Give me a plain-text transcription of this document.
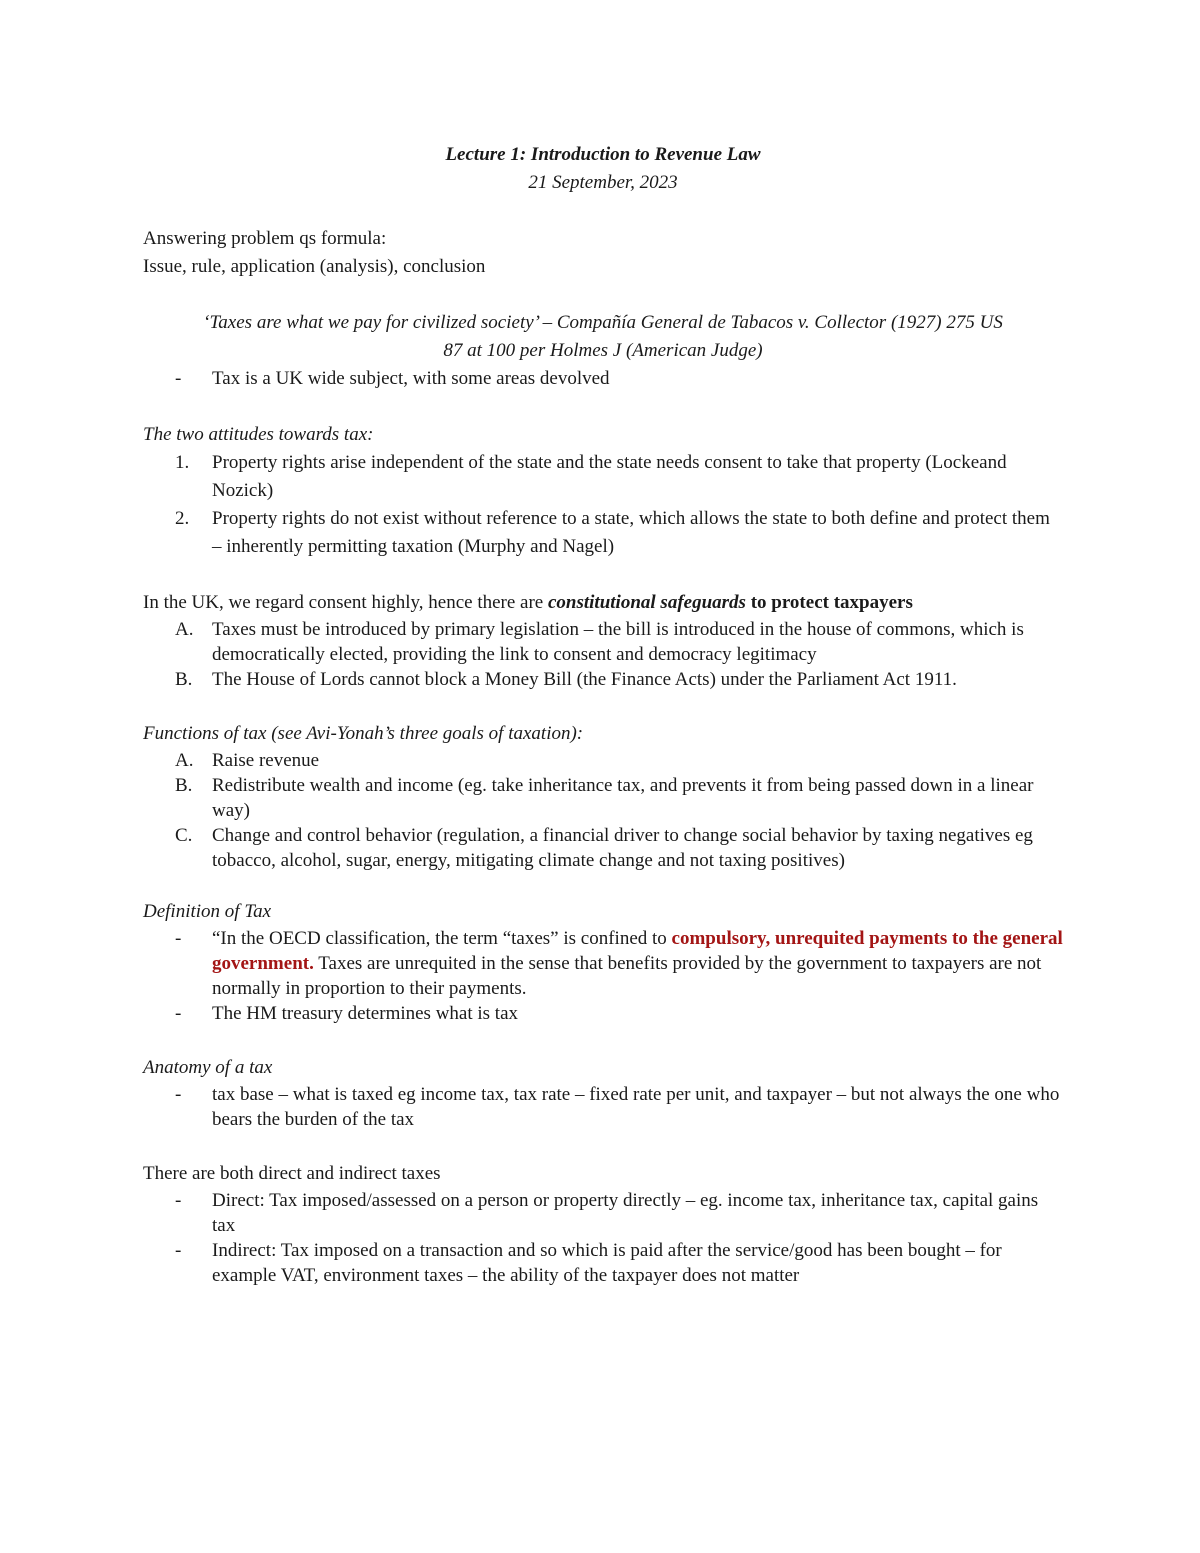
Lecture 1: Introduction to Revenue Law

21 September, 2023

Answering problem qs formula:

Issue, rule, application (analysis), conclusion

‘Taxes are what we pay for civilized society’ – Compañía General de Tabacos v. Collector (1927) 275 US

87 at 100 per Holmes J (American Judge)

-	Tax is a UK wide subject, with some areas devolved

The two attitudes towards tax:

1.	Property rights arise independent of the state and the state needs consent to take that property (Lockeand Nozick)
2.	Property rights do not exist without reference to a state, which allows the state to both define and protect them – inherently permitting taxation (Murphy and Nagel)

In the UK, we regard consent highly, hence there are constitutional safeguards to protect taxpayers

A. Taxes must be introduced by primary legislation – the bill is introduced in the house of commons, which is democratically elected, providing the link to consent and democracy legitimacy
B.	The House of Lords cannot block a Money Bill (the Finance Acts) under the Parliament Act 1911.

Functions of tax (see Avi-Yonah’s three goals of taxation):

A. Raise revenue
B.	Redistribute wealth and income (eg. take inheritance tax, and prevents it from being passed down in a linear way)
C.	Change and control behavior (regulation, a financial driver to change social behavior by taxing negatives eg tobacco, alcohol, sugar, energy, mitigating climate change and not taxing positives)

Definition of Tax

-	“In the OECD classification, the term “taxes” is confined to compulsory, unrequited payments to the general government. Taxes are unrequited in the sense that benefits provided by the government to taxpayers are not normally in proportion to their payments.
-	The HM treasury determines what is tax

Anatomy of a tax

-	tax base – what is taxed eg income tax, tax rate – fixed rate per unit, and taxpayer – but not always the one who bears the burden of the tax

There are both direct and indirect taxes

-	Direct: Tax imposed/assessed on a person or property directly – eg. income tax, inheritance tax, capital gains tax
-	Indirect: Tax imposed on a transaction and so which is paid after the service/good has been bought – for example VAT, environment taxes – the ability of the taxpayer does not matter
